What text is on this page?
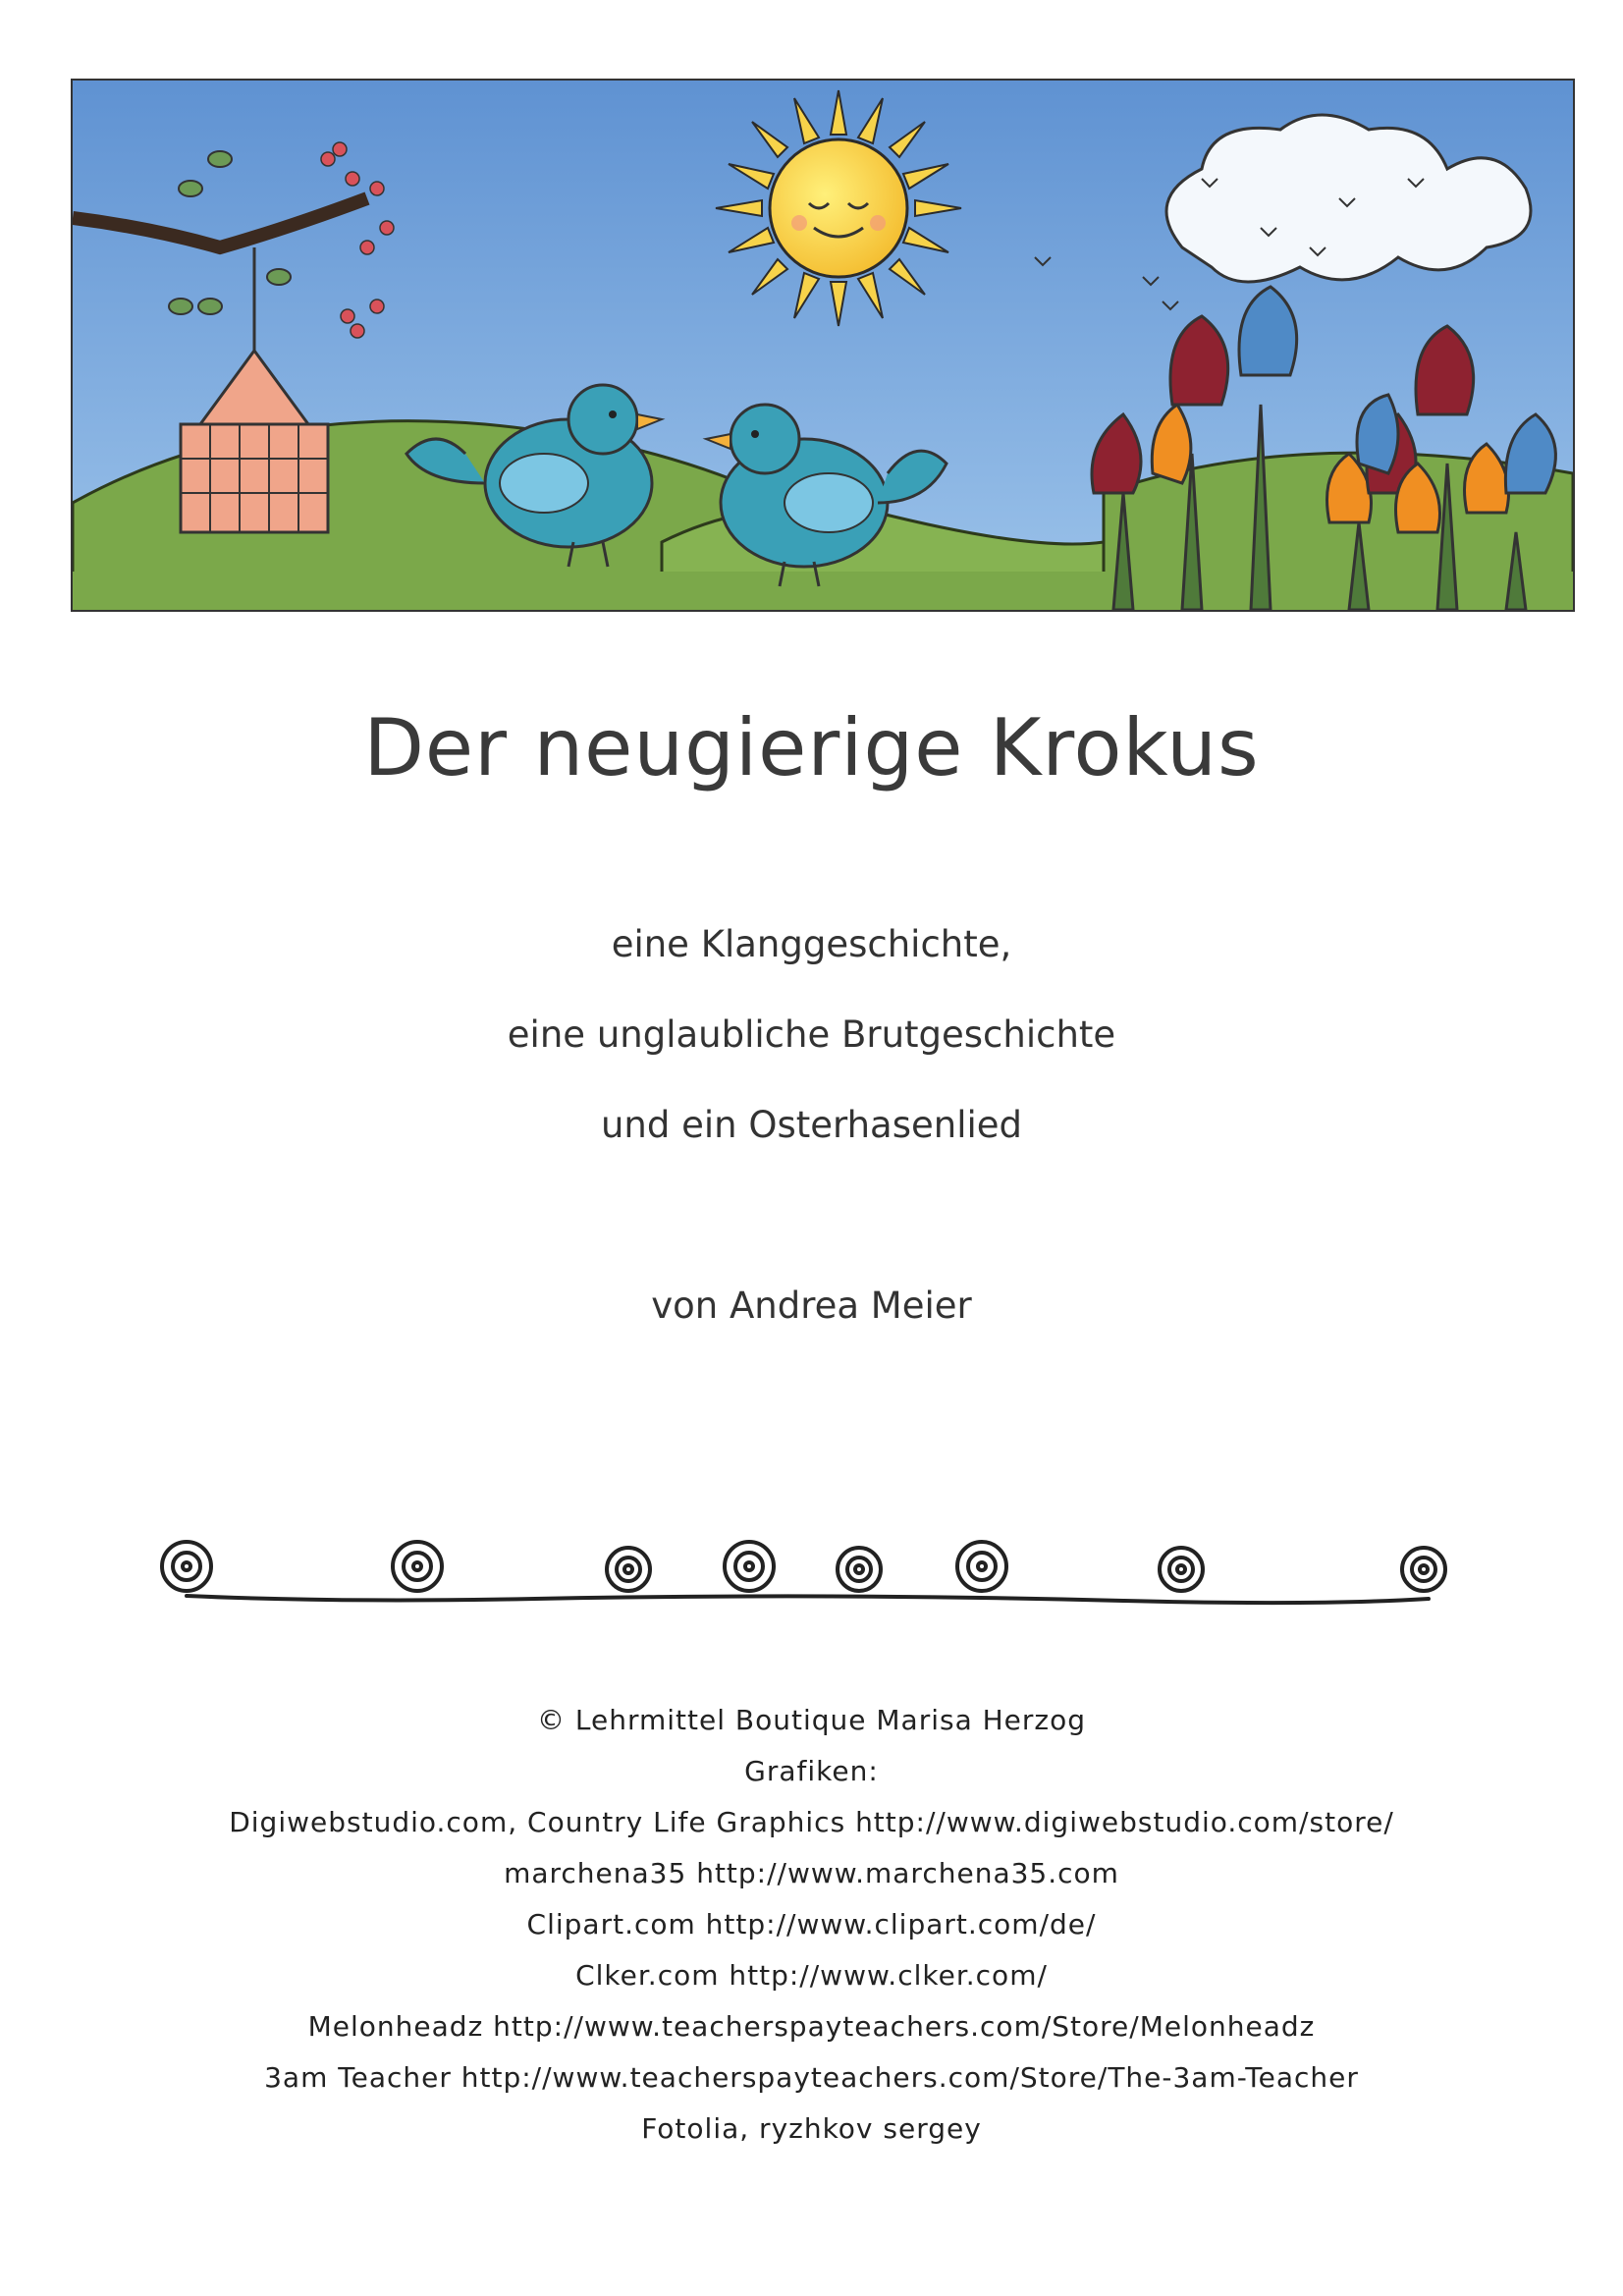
Der neugierige Krokus
eine Klanggeschichte,
eine unglaubliche Brutgeschichte
und ein Osterhasenlied
von Andrea Meier
© Lehrmittel Boutique Marisa Herzog
Grafiken:
Digiwebstudio.com, Country Life Graphics http://www.digiwebstudio.com/store/
marchena35 http://www.marchena35.com
Clipart.com http://www.clipart.com/de/
Clker.com http://www.clker.com/
Melonheadz http://www.teacherspayteachers.com/Store/Melonheadz
3am Teacher http://www.teacherspayteachers.com/Store/The-3am-Teacher
Fotolia, ryzhkov sergey
